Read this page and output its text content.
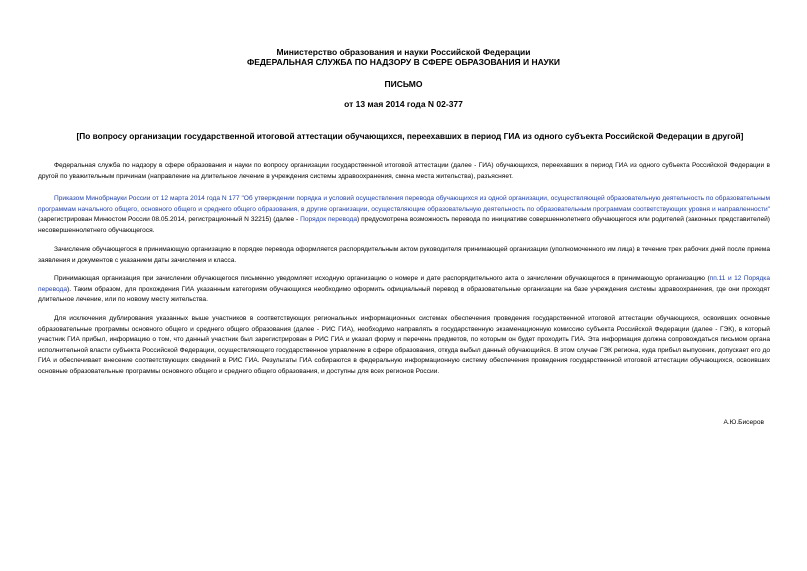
Министерство образования и науки Российской Федерации
ФЕДЕРАЛЬНАЯ СЛУЖБА ПО НАДЗОРУ В СФЕРЕ ОБРАЗОВАНИЯ И НАУКИ
ПИСЬМО
от 13 мая 2014 года N 02-377
[По вопросу организации государственной итоговой аттестации обучающихся, переехавших в период ГИА из одного субъекта Российской Федерации в другой]
Федеральная служба по надзору в сфере образования и науки по вопросу организации государственной итоговой аттестации (далее - ГИА) обучающихся, переехавших в период ГИА из одного субъекта Российской Федерации в другой по уважительным причинам (направление на длительное лечение в учреждения системы здравоохранения, смена места жительства), разъясняет.
Приказом Минобрнауки России от 12 марта 2014 года N 177 "Об утверждении порядка и условий осуществления перевода обучающихся из одной организации, осуществляющей образовательную деятельность по образовательным программам начального общего, основного общего и среднего общего образования, в другие организации, осуществляющие образовательную деятельность по образовательным программам соответствующих уровня и направленности" (зарегистрирован Минюстом России 08.05.2014, регистрационный N 32215) (далее - Порядок перевода) предусмотрена возможность перевода по инициативе совершеннолетнего обучающегося или родителей (законных представителей) несовершеннолетнего обучающегося.
Зачисление обучающегося в принимающую организацию в порядке перевода оформляется распорядительным актом руководителя принимающей организации (уполномоченного им лица) в течение трех рабочих дней после приема заявления и документов с указанием даты зачисления и класса.
Принимающая организация при зачислении обучающегося письменно уведомляет исходную организацию о номере и дате распорядительного акта о зачислении обучающегося в принимающую организацию (пп.11 и 12 Порядка перевода). Таким образом, для прохождения ГИА указанным категориям обучающихся необходимо оформить официальный перевод в образовательные организации на базе учреждения системы здравоохранения, где они проходят длительное лечение, или по новому месту жительства.
Для исключения дублирования указанных выше участников в соответствующих региональных информационных системах обеспечения проведения государственной итоговой аттестации обучающихся, освоивших основные образовательные программы основного общего и среднего общего образования (далее - РИС ГИА), необходимо направлять в государственную экзаменационную комиссию субъекта Российской Федерации (далее - ГЭК), в который участник ГИА прибыл, информацию о том, что данный участник был зарегистрирован в РИС ГИА и указал форму и перечень предметов, по которым он будет проходить ГИА. Эта информация должна сопровождаться письмом органа исполнительной власти субъекта Российской Федерации, осуществляющего государственное управление в сфере образования, откуда выбыл данный обучающийся. В этом случае ГЭК региона, куда прибыл выпускник, допускает его до ГИА и обеспечивает внесение соответствующих сведений в РИС ГИА. Результаты ГИА собираются в федеральную информационную систему обеспечения проведения государственной итоговой аттестации обучающихся, освоивших основные образовательные программы основного общего и среднего общего образования, и доступны для всех регионов России.
А.Ю.Бисеров
